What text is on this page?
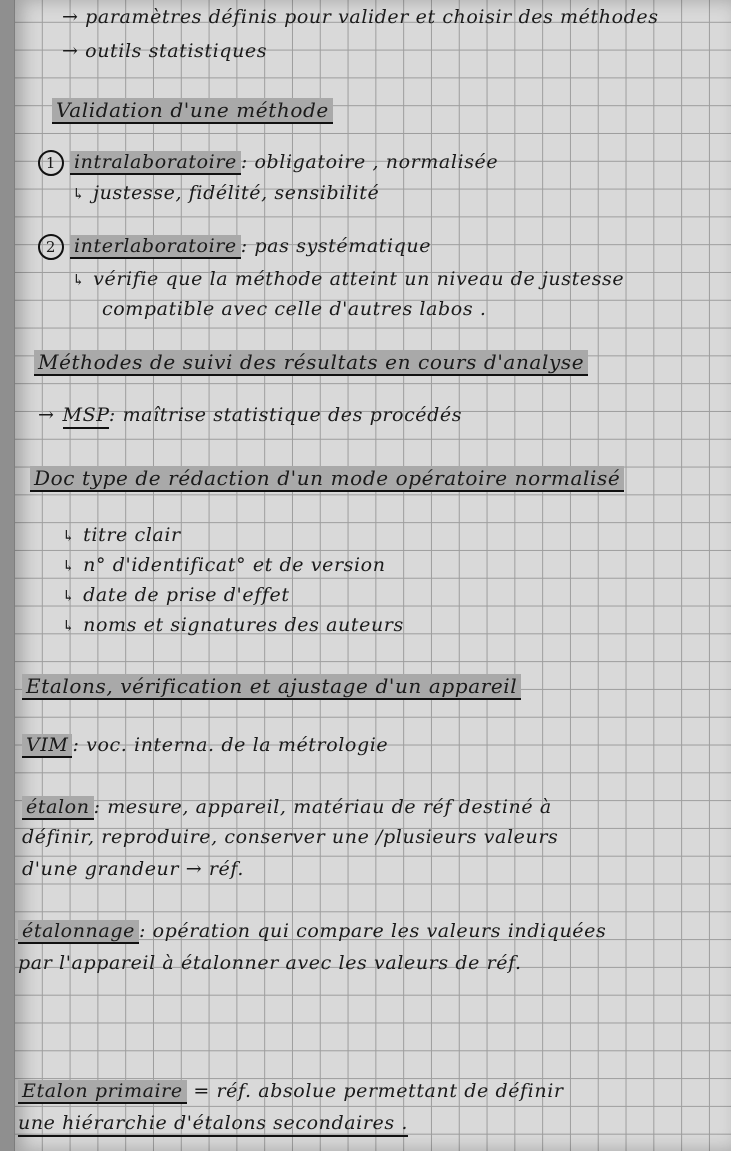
→ paramètres définis pour valider et choisir des méthodes
→ outils statistiques
Validation d'une méthode
1 intralaboratoire : obligatoire , normalisée
↳ justesse, fidélité, sensibilité
2 interlaboratoire : pas systématique
↳ vérifie que la méthode atteint un niveau de justesse
compatible avec celle d'autres labos .
Méthodes de suivi des résultats en cours d'analyse
→ MSP: maîtrise statistique des procédés
Doc type de rédaction d'un mode opératoire normalisé
↳ titre clair
↳ n° d'identificat° et de version
↳ date de prise d'effet
↳ noms et signatures des auteurs
Etalons, vérification et ajustage d'un appareil
VIM : voc. interna. de la métrologie
étalon : mesure, appareil, matériau de réf destiné à
définir, reproduire, conserver une /plusieurs valeurs
d'une grandeur → réf.
étalonnage : opération qui compare les valeurs indiquées
par l'appareil à étalonner avec les valeurs de réf.
Etalon primaire = réf. absolue permettant de définir
une hiérarchie d'étalons secondaires .
